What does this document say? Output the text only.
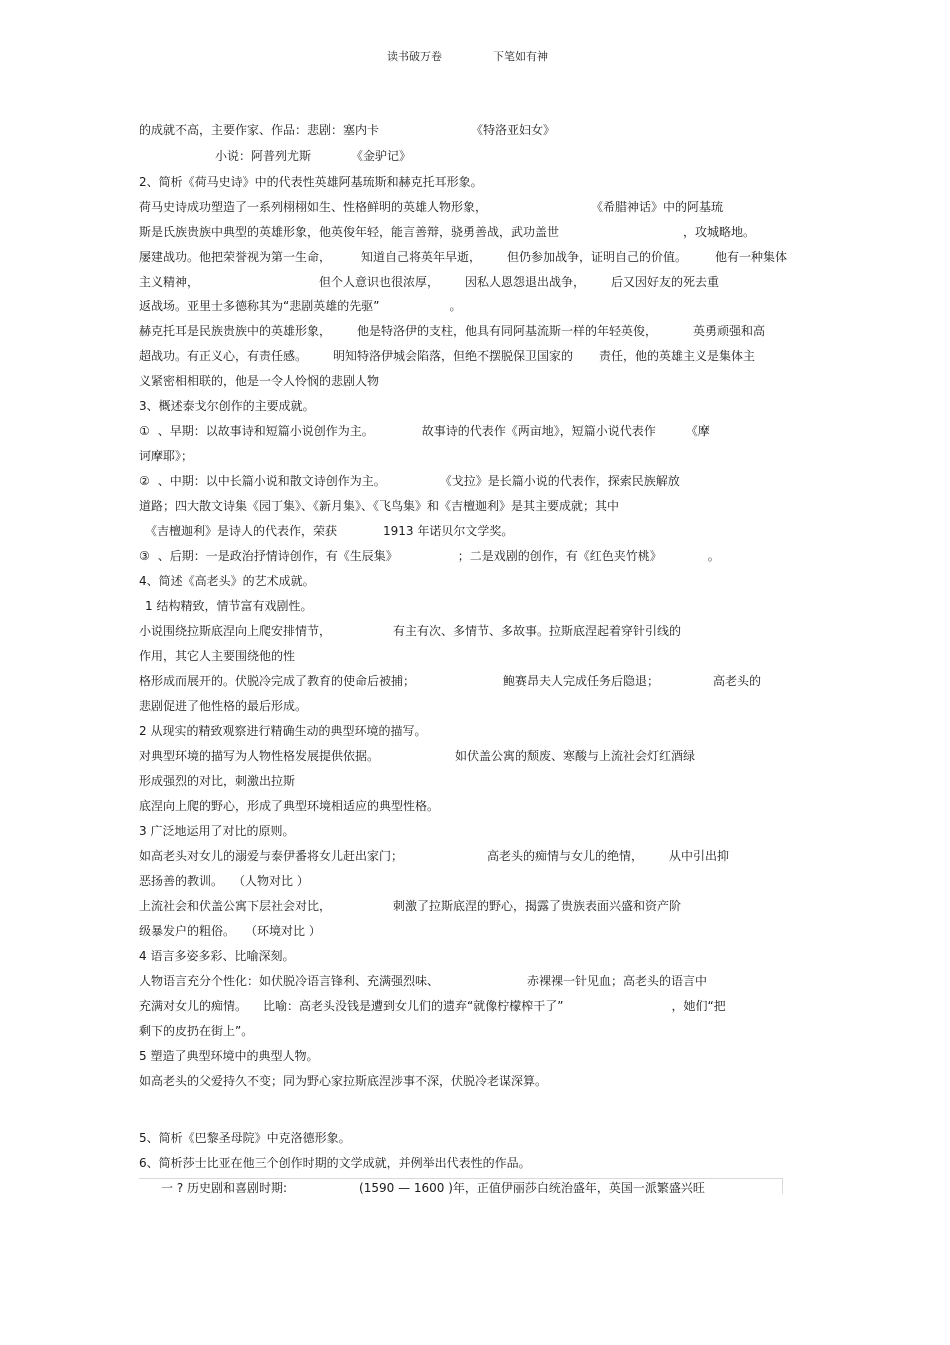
读书破万卷	下笔如有神
的成就不高，主要作家、作品：悲剧：塞内卡	《特洛亚妇女》
小说：阿普列尤斯	《金驴记》
2、简析《荷马史诗》中的代表性英雄阿基琉斯和赫克托耳形象。
荷马史诗成功塑造了一系列栩栩如生、性格鲜明的英雄人物形象，	《希腊神话》中的阿基琉
斯是氏族贵族中典型的英雄形象，他英俊年轻，能言善辩，骁勇善战，武功盖世	，攻城略地。
屡建战功。他把荣誉视为第一生命，	知道自己将英年早逝， 但仍参加战争，证明自己的价值。 他有一种集体
主义精神，	但个人意识也很浓厚， 因私人恩怨退出战争， 后又因好友的死去重
返战场。亚里士多德称其为“悲剧英雄的先驱”	。
赫克托耳是民族贵族中的英雄形象， 他是特洛伊的支柱，他具有同阿基流斯一样的年轻英俊，	英勇顽强和高
超战功。有正义心，有责任感。 明知特洛伊城会陷落，但绝不摆脱保卫国家的 责任，他的英雄主义是集体主
义紧密相相联的，他是一令人怜悯的悲剧人物
3、概述泰戈尔创作的主要成就。
① 、早期：以故事诗和短篇小说创作为主。	故事诗的代表作《两亩地》，短篇小说代表作	《摩
诃摩耶》；
② 、中期：以中长篇小说和散文诗创作为主。	《戈拉》是长篇小说的代表作，探索民族解放
道路；四大散文诗集《园丁集》、《新月集》、《飞鸟集》和《吉檀迦利》是其主要成就；其中
《吉檀迦利》是诗人的代表作，荣获	1913 年诺贝尔文学奖。
③ 、后期：一是政治抒情诗创作，有《生辰集》	；二是戏剧的创作，有《红色夹竹桃》	。
4、简述《高老头》的艺术成就。
1 结构精致，情节富有戏剧性。
小说围绕拉斯底涅向上爬安排情节，	有主有次、多情节、多故事。拉斯底涅起着穿针引线的
作用，其它人主要围绕他的性
格形成而展开的。伏脱冷完成了教育的使命后被捕；	鲍赛昂夫人完成任务后隐退；	高老头的
悲剧促进了他性格的最后形成。
2 从现实的精致观察进行精确生动的典型环境的描写。
对典型环境的描写为人物性格发展提供依据。	如伏盖公寓的颓废、寒酸与上流社会灯红酒绿
形成强烈的对比，刺激出拉斯
底涅向上爬的野心，形成了典型环境相适应的典型性格。
3 广泛地运用了对比的原则。
如高老头对女儿的溺爱与泰伊番将女儿赶出家门；	高老头的痴情与女儿的绝情， 从中引出抑
恶扬善的教训。 （人物对比 ）
上流社会和伏盖公寓下层社会对比，	刺激了拉斯底涅的野心，揭露了贵族表面兴盛和资产阶
级暴发户的粗俗。 （环境对比 ）
4 语言多姿多彩、比喻深刻。
人物语言充分个性化：如伏脱冷语言锋利、充满强烈味、	赤裸裸一针见血；高老头的语言中
充满对女儿的痴情。 比喻：高老头没钱是遭到女儿们的遗弃“就像柠檬榨干了”	，她们“把
剩下的皮扔在街上”。
5 塑造了典型环境中的典型人物。
如高老头的父爱持久不变；同为野心家拉斯底涅涉事不深，伏脱冷老谋深算。
5、简析《巴黎圣母院》中克洛德形象。
6、简析莎士比亚在他三个创作时期的文学成就，并例举出代表性的作品。
一 ? 历史剧和喜剧时期:	(1590 — 1600 )年，正值伊丽莎白统治盛年，英国一派繁盛兴旺
